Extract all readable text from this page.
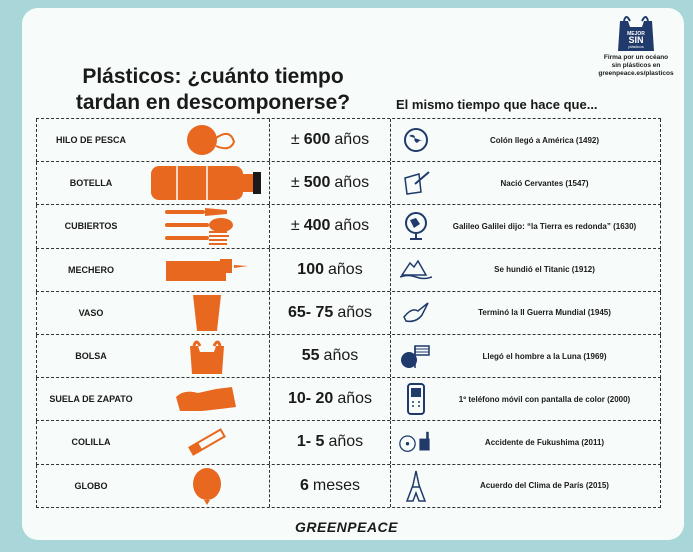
Plásticos: ¿cuánto tiempo
tardan en descomponerse?	El mismo tiempo que hace que...
MEJOR
SIN
plásticos
Firma por un océano
sin plásticos en
greenpeace.es/plasticos
HILO DE PESCA	± 600 años	Colón llegó a América (1492)
BOTELLA	± 500 años	Nació Cervantes (1547)
CUBIERTOS	± 400 años	Galileo Galilei dijo: “la Tierra es redonda” (1630)
MECHERO	100 años	Se hundió el Titanic (1912)
VASO	65- 75 años	Terminó la II Guerra Mundial (1945)
BOLSA	55 años	Llegó el hombre a la Luna (1969)
SUELA DE ZAPATO	10- 20 años	1º teléfono móvil con pantalla de color (2000)
COLILLA	1- 5 años	Accidente de Fukushima (2011)
GLOBO	6 meses	Acuerdo del Clima de París (2015)
GREENPEACE
